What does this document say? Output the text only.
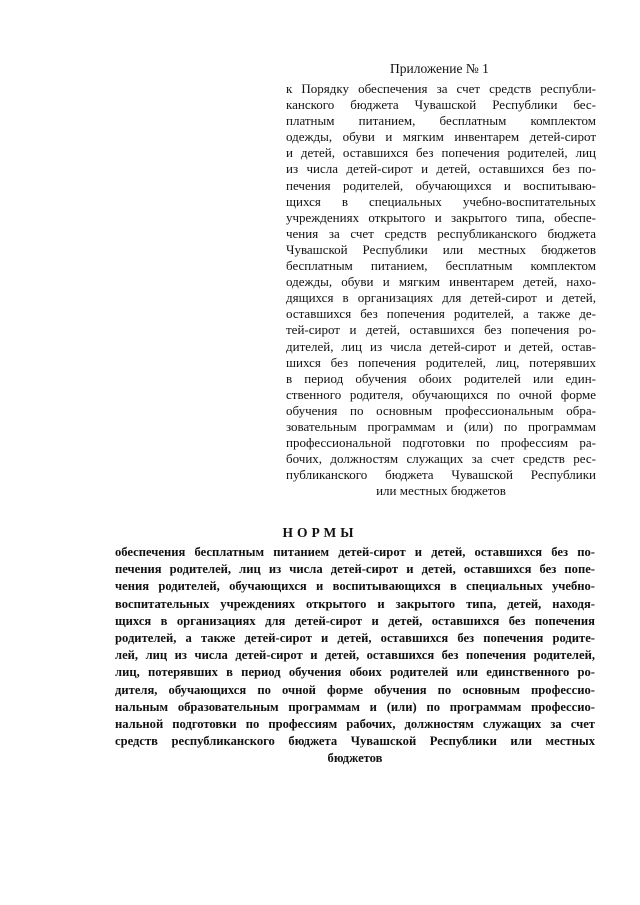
Приложение № 1
к Порядку обеспечения за счет средств республи-
канского бюджета Чувашской Республики бес-
платным питанием, бесплатным комплектом
одежды, обуви и мягким инвентарем детей-сирот
и детей, оставшихся без попечения родителей, лиц
из числа детей-сирот и детей, оставшихся без по-
печения родителей, обучающихся и воспитываю-
щихся в специальных учебно-воспитательных
учреждениях открытого и закрытого типа, обеспе-
чения за счет средств республиканского бюджета
Чувашской Республики или местных бюджетов
бесплатным питанием, бесплатным комплектом
одежды, обуви и мягким инвентарем детей, нахо-
дящихся в организациях для детей-сирот и детей,
оставшихся без попечения родителей, а также де-
тей-сирот и детей, оставшихся без попечения ро-
дителей, лиц из числа детей-сирот и детей, остав-
шихся без попечения родителей, лиц, потерявших
в период обучения обоих родителей или един-
ственного родителя, обучающихся по очной форме
обучения по основным профессиональным обра-
зовательным программам и (или) по программам
профессиональной подготовки по профессиям ра-
бочих, должностям служащих за счет средств рес-
публиканского бюджета Чувашской Республики
или местных бюджетов
НОРМЫ
обеспечения бесплатным питанием детей-сирот и детей, оставшихся без по-
печения родителей, лиц из числа детей-сирот и детей, оставшихся без попе-
чения родителей, обучающихся и воспитывающихся в специальных учебно-
воспитательных учреждениях открытого и закрытого типа, детей, находя-
щихся в организациях для детей-сирот и детей, оставшихся без попечения
родителей, а также детей-сирот и детей, оставшихся без попечения родите-
лей, лиц из числа детей-сирот и детей, оставшихся без попечения родителей,
лиц, потерявших в период обучения обоих родителей или единственного ро-
дителя, обучающихся по очной форме обучения по основным профессио-
нальным образовательным программам и (или) по программам профессио-
нальной подготовки по профессиям рабочих, должностям служащих за счет
средств республиканского бюджета Чувашской Республики или местных
бюджетов
